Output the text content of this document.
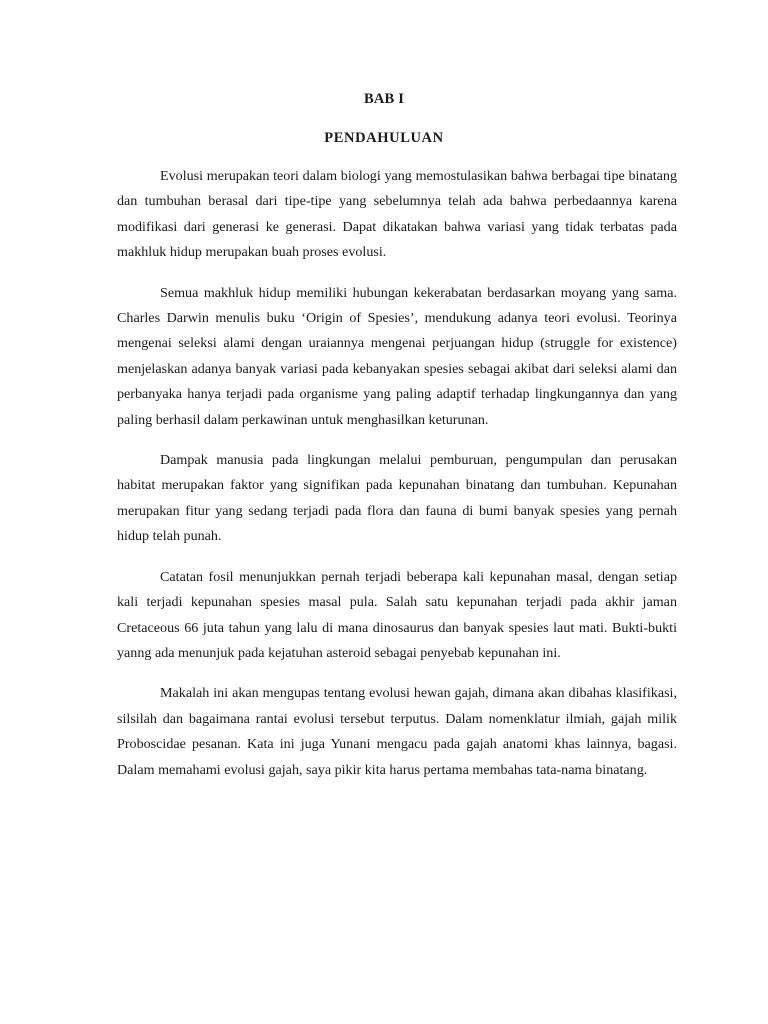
BAB I
PENDAHULUAN

Evolusi merupakan teori dalam biologi yang memostulasikan bahwa berbagai tipe binatang dan tumbuhan berasal dari tipe-tipe yang sebelumnya telah ada bahwa perbedaannya karena modifikasi dari generasi ke generasi. Dapat dikatakan bahwa variasi yang tidak terbatas pada makhluk hidup merupakan buah proses evolusi.

Semua makhluk hidup memiliki hubungan kekerabatan berdasarkan moyang yang sama. Charles Darwin menulis buku ‘Origin of Spesies’, mendukung adanya teori evolusi. Teorinya mengenai seleksi alami dengan uraiannya mengenai perjuangan hidup (struggle for existence) menjelaskan adanya banyak variasi pada kebanyakan spesies sebagai akibat dari seleksi alami dan perbanyaka hanya terjadi pada organisme yang paling adaptif terhadap lingkungannya dan yang paling berhasil dalam perkawinan untuk menghasilkan keturunan.

Dampak manusia pada lingkungan melalui pemburuan, pengumpulan dan perusakan habitat merupakan faktor yang signifikan pada kepunahan binatang dan tumbuhan. Kepunahan merupakan fitur yang sedang terjadi pada flora dan fauna di bumi banyak spesies yang pernah hidup telah punah.

Catatan fosil menunjukkan pernah terjadi beberapa kali kepunahan masal, dengan setiap kali terjadi kepunahan spesies masal pula. Salah satu kepunahan terjadi pada akhir jaman Cretaceous 66 juta tahun yang lalu di mana dinosaurus dan banyak spesies laut mati. Bukti-bukti yanng ada menunjuk pada kejatuhan asteroid sebagai penyebab kepunahan ini.

Makalah ini akan mengupas tentang evolusi hewan gajah, dimana akan dibahas klasifikasi, silsilah dan bagaimana rantai evolusi tersebut terputus. Dalam nomenklatur ilmiah, gajah milik Proboscidae pesanan. Kata ini juga Yunani mengacu pada gajah anatomi khas lainnya, bagasi. Dalam memahami evolusi gajah, saya pikir kita harus pertama membahas tata-nama binatang.
